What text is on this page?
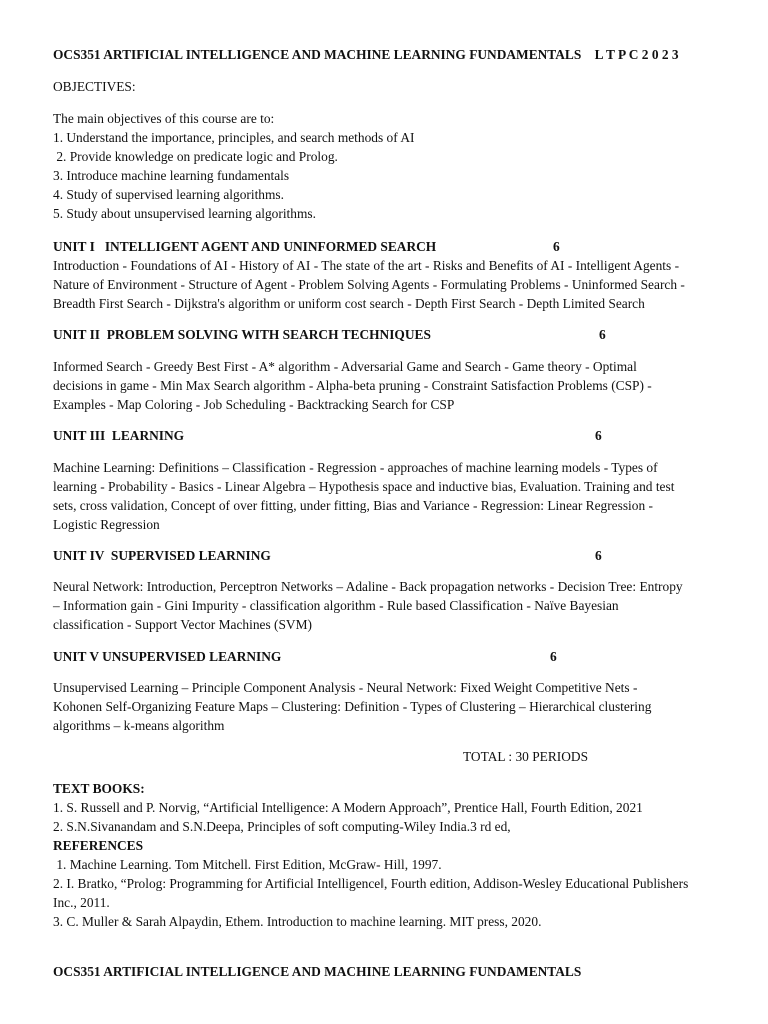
OCS351 ARTIFICIAL INTELLIGENCE AND MACHINE LEARNING FUNDAMENTALS L T P C 2 0 2 3
OBJECTIVES:
The main objectives of this course are to:
1. Understand the importance, principles, and search methods of AI
2. Provide knowledge on predicate logic and Prolog.
3. Introduce machine learning fundamentals
4. Study of supervised learning algorithms.
5. Study about unsupervised learning algorithms.
UNIT I   INTELLIGENT AGENT AND UNINFORMED SEARCH	6
Introduction - Foundations of AI - History of AI - The state of the art - Risks and Benefits of AI - Intelligent Agents -
Nature of Environment - Structure of Agent - Problem Solving Agents - Formulating Problems - Uninformed Search -
Breadth First Search - Dijkstra's algorithm or uniform cost search - Depth First Search - Depth Limited Search
UNIT II  PROBLEM SOLVING WITH SEARCH TECHNIQUES	6
Informed Search - Greedy Best First - A* algorithm - Adversarial Game and Search - Game theory - Optimal
decisions in game - Min Max Search algorithm - Alpha-beta pruning - Constraint Satisfaction Problems (CSP) -
Examples - Map Coloring - Job Scheduling - Backtracking Search for CSP
UNIT III  LEARNING	6
Machine Learning: Definitions – Classification - Regression - approaches of machine learning models - Types of
learning - Probability - Basics - Linear Algebra – Hypothesis space and inductive bias, Evaluation. Training and test
sets, cross validation, Concept of over fitting, under fitting, Bias and Variance - Regression: Linear Regression -
Logistic Regression
UNIT IV  SUPERVISED LEARNING	6
Neural Network: Introduction, Perceptron Networks – Adaline - Back propagation networks - Decision Tree: Entropy
– Information gain - Gini Impurity - classification algorithm - Rule based Classification - Naïve Bayesian
classification - Support Vector Machines (SVM)
UNIT V UNSUPERVISED LEARNING	6
Unsupervised Learning – Principle Component Analysis - Neural Network: Fixed Weight Competitive Nets -
Kohonen Self-Organizing Feature Maps – Clustering: Definition - Types of Clustering – Hierarchical clustering
algorithms – k-means algorithm
TOTAL : 30 PERIODS
TEXT BOOKS:
1. S. Russell and P. Norvig, “Artificial Intelligence: A Modern Approach”, Prentice Hall, Fourth Edition, 2021
2. S.N.Sivanandam and S.N.Deepa, Principles of soft computing-Wiley India.3 rd ed,
REFERENCES
1. Machine Learning. Tom Mitchell. First Edition, McGraw- Hill, 1997.
2. I. Bratko, “Prolog: Programming for Artificial Intelligence‖, Fourth edition, Addison-Wesley Educational Publishers
Inc., 2011.
3. C. Muller & Sarah Alpaydin, Ethem. Introduction to machine learning. MIT press, 2020.
OCS351 ARTIFICIAL INTELLIGENCE AND MACHINE LEARNING FUNDAMENTALS
